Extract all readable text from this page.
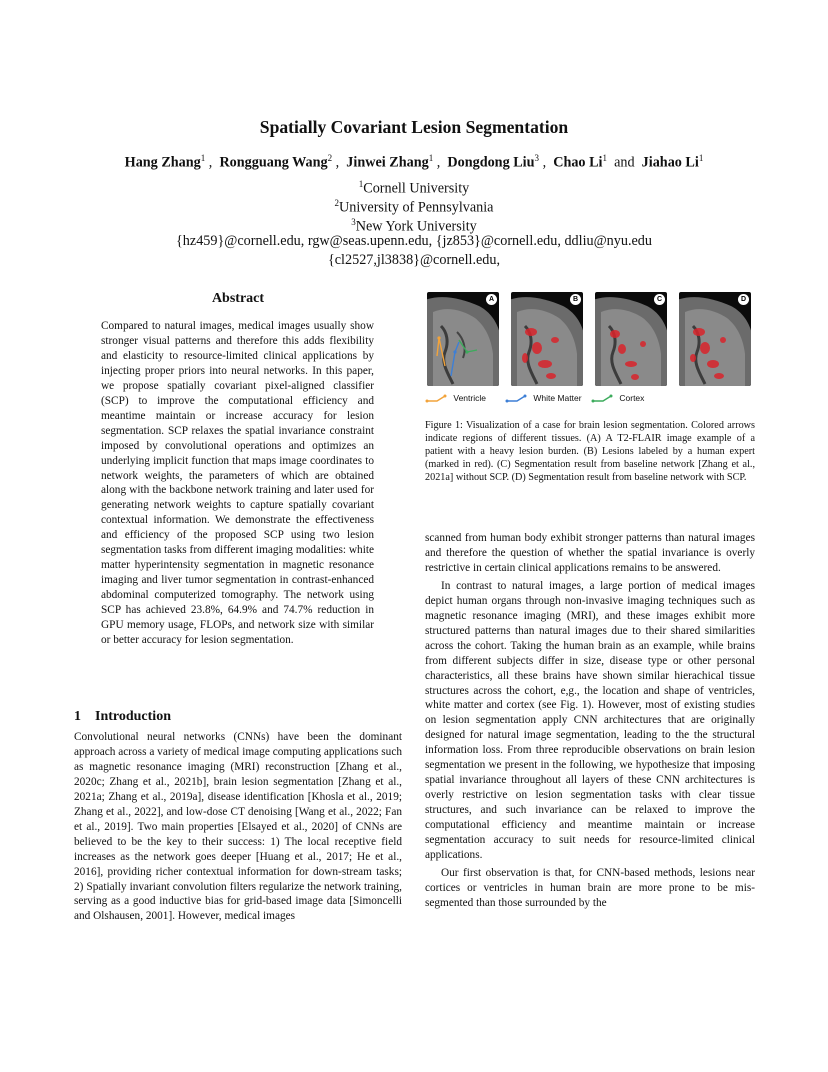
Spatially Covariant Lesion Segmentation
Hang Zhang$^1$ ,  Rongguang Wang$^2$ ,  Jinwei Zhang$^1$ ,  Dongdong Liu$^3$ ,  Chao Li$^1$ and Jiahao Li$^1$
$^1$Cornell University
$^2$University of Pennsylvania
$^3$New York University
{hz459}@cornell.edu, rgw@seas.upenn.edu, {jz853}@cornell.edu, ddliu@nyu.edu
{cl2527,jl3838}@cornell.edu,
Abstract

Compared to natural images, medical images usually show stronger visual patterns and therefore this adds flexibility and elasticity to resource-limited clinical applications by injecting proper priors into neural networks. In this paper, we propose spatially covariant pixel-aligned classifier (SCP) to improve the computational efficiency and meantime maintain or increase accuracy for lesion segmentation. SCP relaxes the spatial invariance constraint imposed by convolutional operations and optimizes an underlying implicit function that maps image coordinates to network weights, the parameters of which are obtained along with the backbone network training and later used for generating network weights to capture spatially covariant contextual information. We demonstrate the effectiveness and efficiency of the proposed SCP using two lesion segmentation tasks from different imaging modalities: white matter hyperintensity segmentation in magnetic resonance imaging and liver tumor segmentation in contrast-enhanced abdominal computerized tomography. The network using SCP has achieved 23.8%, 64.9% and 74.7% reduction in GPU memory usage, FLOPs, and network size with similar or better accuracy for lesion segmentation.

1 Introduction

Convolutional neural networks (CNNs) have been the dominant approach across a variety of medical image computing applications such as magnetic resonance imaging (MRI) reconstruction [Zhang et al., 2020c; Zhang et al., 2021b], brain lesion segmentation [Zhang et al., 2021a; Zhang et al., 2019a], disease identification [Khosla et al., 2019; Zhang et al., 2022], and low-dose CT denoising [Wang et al., 2022; Fan et al., 2019]. Two main properties [Elsayed et al., 2020] of CNNs are believed to be the key to their success: 1) The local receptive field increases as the network goes deeper [Huang et al., 2017; He et al., 2016], providing richer contextual information for down-stream tasks; 2) Spatially invariant convolution filters regularize the network training, serving as a good inductive bias for grid-based image data [Simoncelli and Olshausen, 2001]. However, medical images

A	B	C	D
Ventricle	White Matter	Cortex
Figure 1: Visualization of a case for brain lesion segmentation. Colored arrows indicate regions of different tissues. (A) A T2-FLAIR image example of a patient with a heavy lesion burden. (B) Lesions labeled by a human expert (marked in red). (C) Segmentation result from baseline network [Zhang et al., 2021a] without SCP. (D) Segmentation result from baseline network with SCP.

scanned from human body exhibit stronger patterns than natural images and therefore the question of whether the spatial invariance is overly restrictive in certain clinical applications remains to be answered.

In contrast to natural images, a large portion of medical images depict human organs through non-invasive imaging techniques such as magnetic resonance imaging (MRI), and these images exhibit more structured patterns than natural images due to their shared similarities across the cohort. Taking the human brain as an example, while brains from different subjects differ in size, disease type or other personal characteristics, all these brains have shown similar hierachical tissue structures across the cohort, e,g., the location and shape of ventricles, white matter and cortex (see Fig. 1). However, most of existing studies on lesion segmentation apply CNN architectures that are originally designed for natural image segmentation, leading to the the structural information loss. From three reproducible observations on brain lesion segmentation we present in the following, we hypothesize that imposing spatial invariance throughout all layers of these CNN architectures is overly restrictive on lesion segmentation tasks with clear tissue structures, and such invariance can be relaxed to improve the computational efficiency and meantime maintain or increase segmentation accuracy to suit needs for resource-limited clinical applications.

Our first observation is that, for CNN-based methods, lesions near cortices or ventricles in human brain are more prone to be mis-segmented than those surrounded by the
